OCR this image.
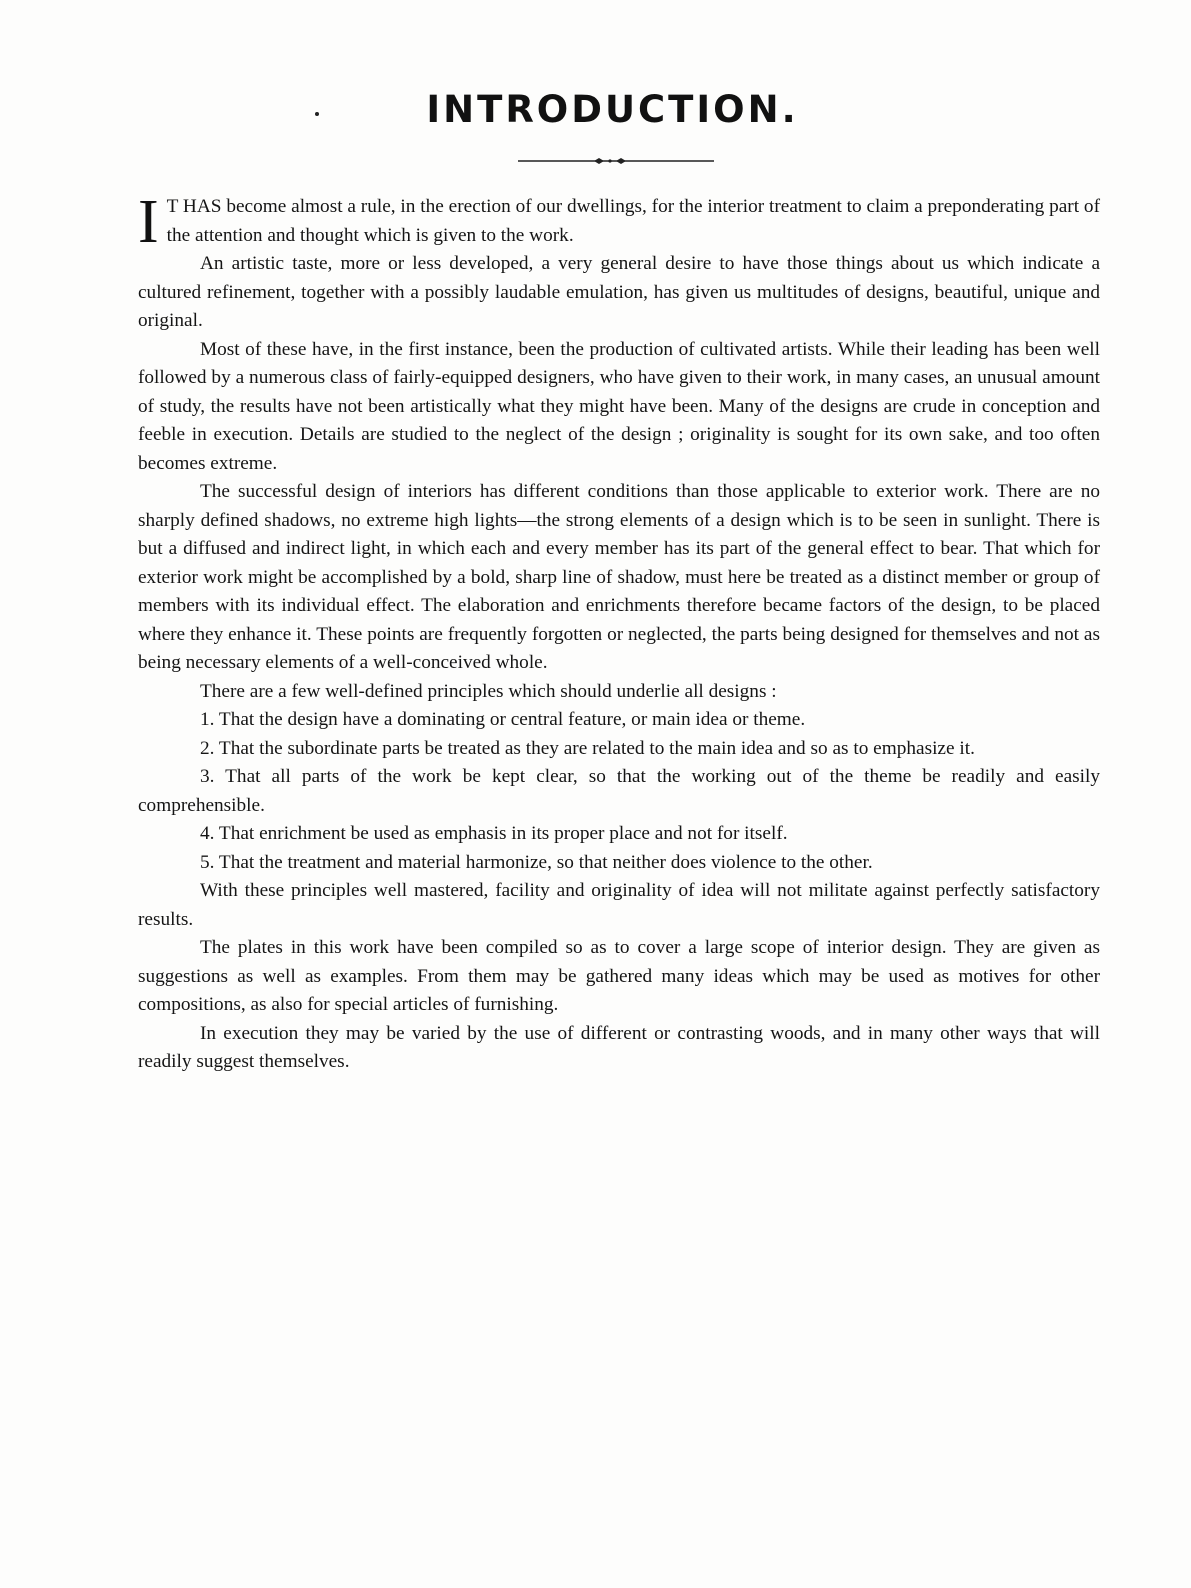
INTRODUCTION.

I T HAS become almost a rule, in the erection of our dwellings, for the interior treatment to claim a preponderating part of the attention and thought which is given to the work.

An artistic taste, more or less developed, a very general desire to have those things about us which indicate a cultured refinement, together with a possibly laudable emulation, has given us multitudes of designs, beautiful, unique and original.

Most of these have, in the first instance, been the production of cultivated artists. While their leading has been well followed by a numerous class of fairly-equipped designers, who have given to their work, in many cases, an unusual amount of study, the results have not been artistically what they might have been. Many of the designs are crude in conception and feeble in execution. Details are studied to the neglect of the design ; originality is sought for its own sake, and too often becomes extreme.

The successful design of interiors has different conditions than those applicable to exterior work. There are no sharply defined shadows, no extreme high lights—the strong elements of a design which is to be seen in sunlight. There is but a diffused and indirect light, in which each and every member has its part of the general effect to bear. That which for exterior work might be accomplished by a bold, sharp line of shadow, must here be treated as a distinct member or group of members with its individual effect. The elaboration and enrichments therefore became factors of the design, to be placed where they enhance it. These points are frequently forgotten or neglected, the parts being designed for themselves and not as being necessary elements of a well-conceived whole.

There are a few well-defined principles which should underlie all designs :

1. That the design have a dominating or central feature, or main idea or theme.

2. That the subordinate parts be treated as they are related to the main idea and so as to emphasize it.

3. That all parts of the work be kept clear, so that the working out of the theme be readily and easily comprehensible.

4. That enrichment be used as emphasis in its proper place and not for itself.

5. That the treatment and material harmonize, so that neither does violence to the other.

With these principles well mastered, facility and originality of idea will not militate against perfectly satisfactory results.

The plates in this work have been compiled so as to cover a large scope of interior design. They are given as suggestions as well as examples. From them may be gathered many ideas which may be used as motives for other compositions, as also for special articles of furnishing.

In execution they may be varied by the use of different or contrasting woods, and in many other ways that will readily suggest themselves.
